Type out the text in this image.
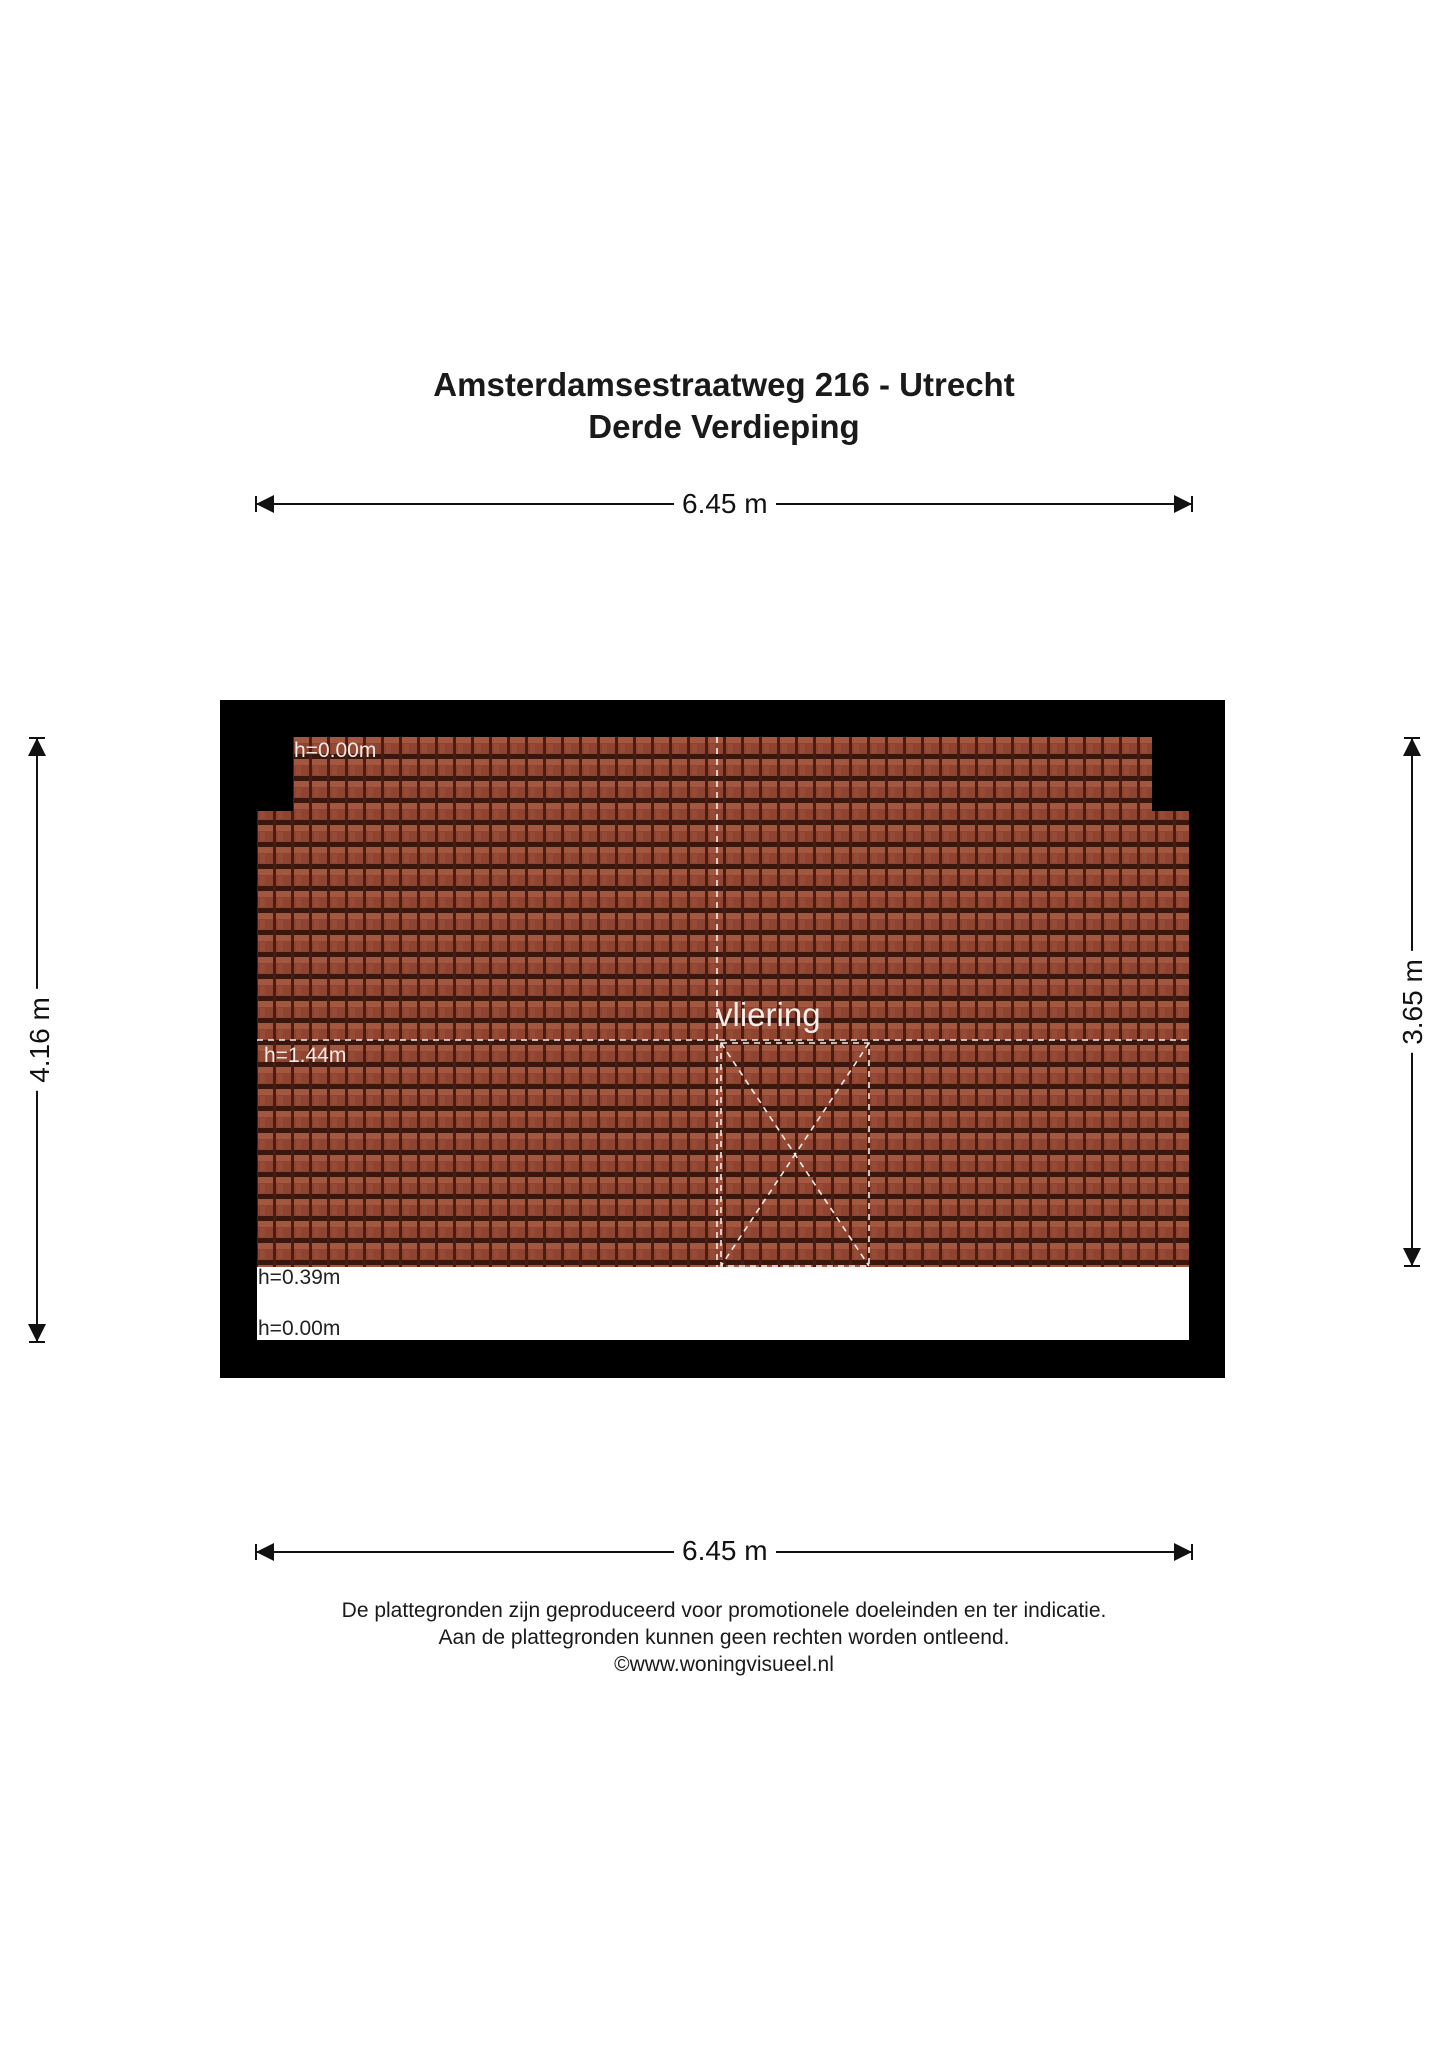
Amsterdamsestraatweg 216 - Utrecht

Derde Verdieping

6.45 m
6.45 m
4.16 m	3.65 m
h=0.00m
h=1.44m
h=0.39m
h=0.00m
vliering

De plattegronden zijn geproduceerd voor promotionele doeleinden en ter indicatie.

Aan de plattegronden kunnen geen rechten worden ontleend.

©www.woningvisueel.nl
